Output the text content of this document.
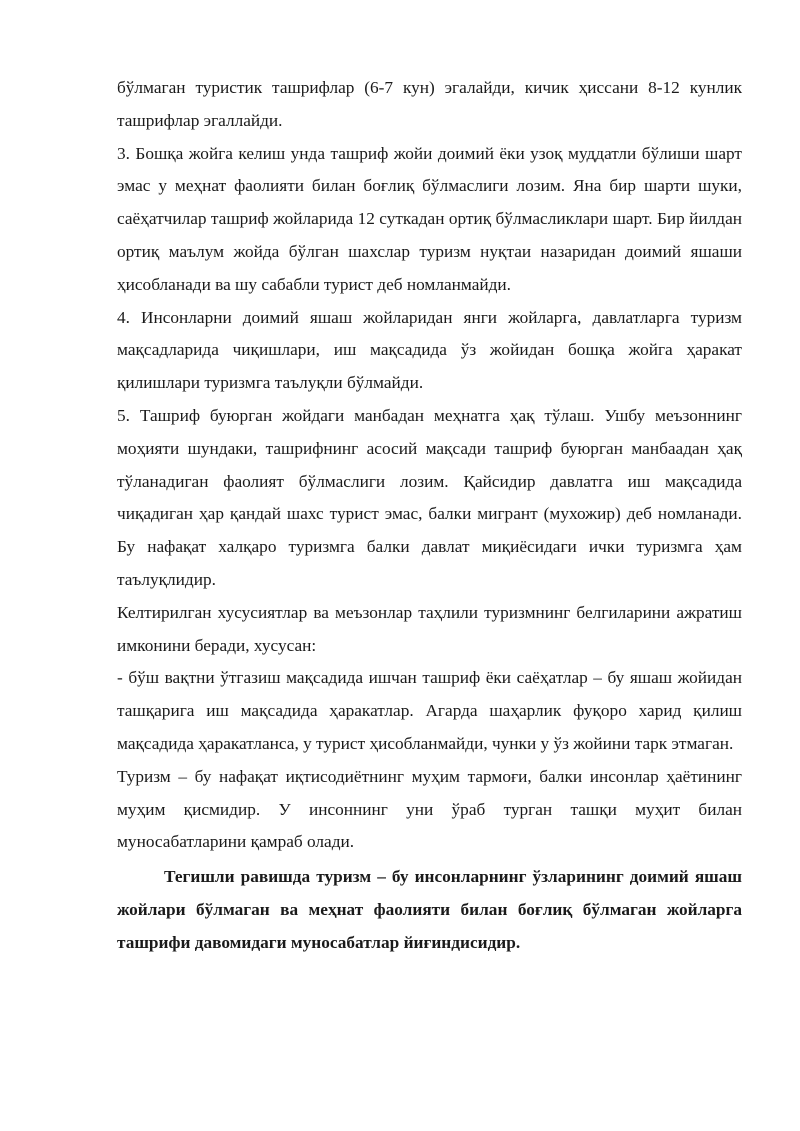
бўлмаган туристик ташрифлар (6-7 кун) эгалайди, кичик ҳиссани 8-12 кунлик ташрифлар эгаллайди.

3. Бошқа жойга келиш унда ташриф жойи доимий ёки узоқ муддатли бўлиши шарт эмас у меҳнат фаолияти билан боғлиқ бўлмаслиги лозим. Яна бир шарти шуки, саёҳатчилар ташриф жойларида 12 суткадан ортиқ бўлмасликлари шарт. Бир йилдан ортиқ маълум жойда бўлган шахслар туризм нуқтаи назаридан доимий яшаши ҳисобланади ва шу сабабли турист деб номланмайди.

4. Инсонларни доимий яшаш жойларидан янги жойларга, давлатларга туризм мақсадларида чиқишлари, иш мақсадида ўз жойидан бошқа жойга ҳаракат қилишлари туризмга таълуқли бўлмайди.

5. Ташриф буюрган жойдаги манбадан меҳнатга ҳақ тўлаш. Ушбу меъзоннинг моҳияти шундаки, ташрифнинг асосий мақсади ташриф буюрган манбаадан ҳақ тўланадиган фаолият бўлмаслиги лозим. Қайсидир давлатга иш мақсадида чиқадиган ҳар қандай шахс турист эмас, балки мигрант (мухожир) деб номланади. Бу нафақат халқаро туризмга балки давлат миқиёсидаги ички туризмга ҳам таълуқлидир.

Келтирилган хусусиятлар ва меъзонлар таҳлили туризмнинг белгиларини ажратиш имконини беради, хусусан:

- бўш вақтни ўтгазиш мақсадида ишчан ташриф ёки саёҳатлар – бу яшаш жойидан ташқарига иш мақсадида ҳаракатлар. Агарда шаҳарлик фуқоро харид қилиш мақсадида ҳаракатланса, у турист ҳисобланмайди, чунки у ўз жойини тарк этмаган.

Туризм – бу нафақат иқтисодиётнинг муҳим тармоғи, балки инсонлар ҳаётининг муҳим қисмидир. У инсоннинг уни ўраб турган ташқи муҳит билан муносабатларини қамраб олади.

Тегишли равишда туризм – бу инсонларнинг ўзларининг доимий яшаш жойлари бўлмаган ва меҳнат фаолияти билан боғлиқ бўлмаган жойларга ташрифи давомидаги муносабатлар йиғиндисидир.
